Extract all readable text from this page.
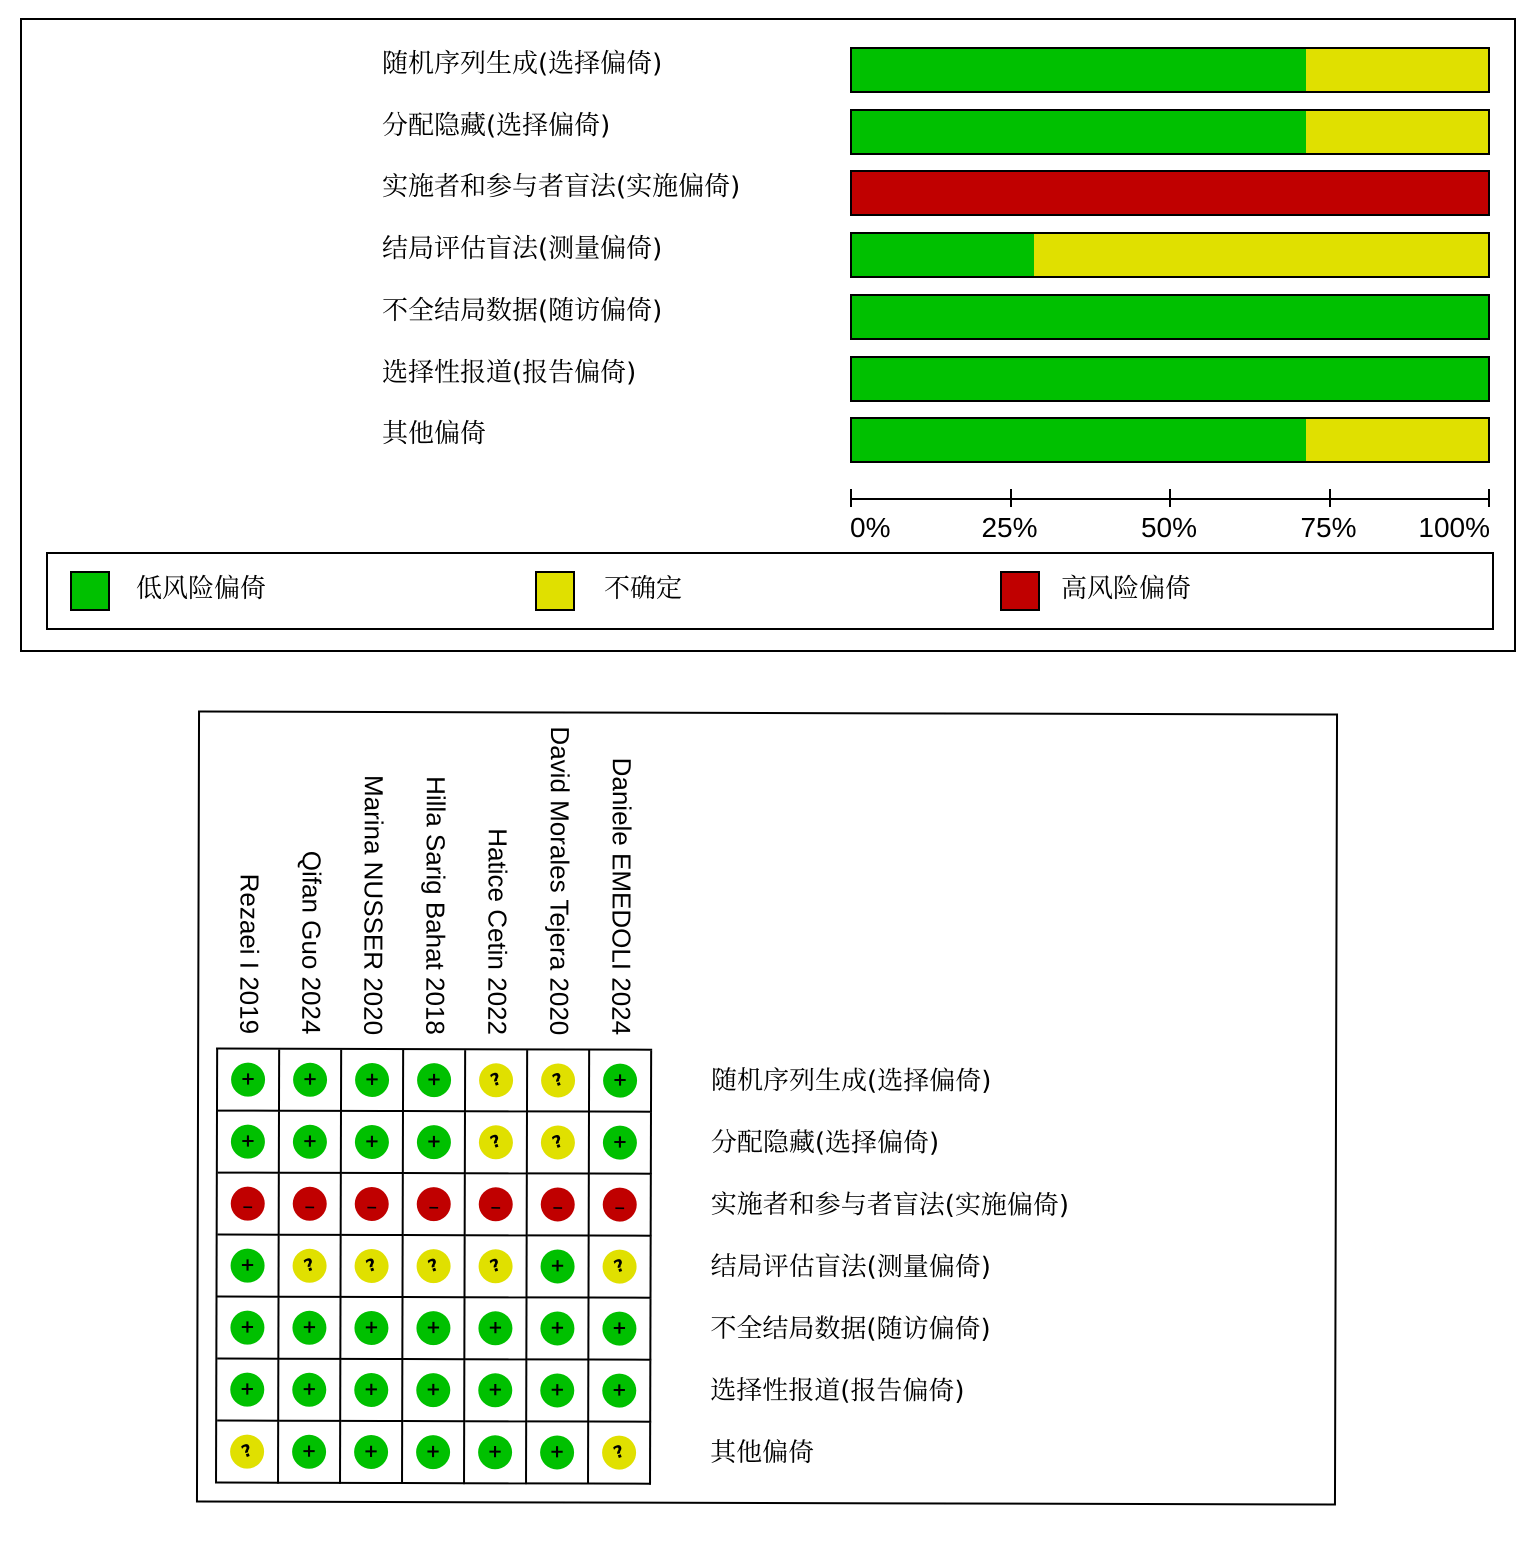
随机序列生成(选择偏倚)
分配隐藏(选择偏倚)
实施者和参与者盲法(实施偏倚)
结局评估盲法(测量偏倚)
不全结局数据(随访偏倚)
选择性报道(报告偏倚)
其他偏倚
0%	25%	50%	75% 100%
低风险偏倚	不确定	高风险偏倚
Rezaei I 2019 Qifan Guo 2024 Marina NUSSER 2020 Hilla Sarig Bahat 2018 Hatice Cetin 2022 David Morales Tejera 2020 Daniele EMEDOLI 2024
+	+	+	+	?	?	+
+	+	+	+	?	?	+
−	−	−	−	−	−	−
+	?	?	?	?	+	?
+	+	+	+	+	+	+
+	+	+	+	+	+	+
?	+	+	+	+	+	?
随机序列生成(选择偏倚)
分配隐藏(选择偏倚)
实施者和参与者盲法(实施偏倚)
结局评估盲法(测量偏倚)
不全结局数据(随访偏倚)
选择性报道(报告偏倚)
其他偏倚
